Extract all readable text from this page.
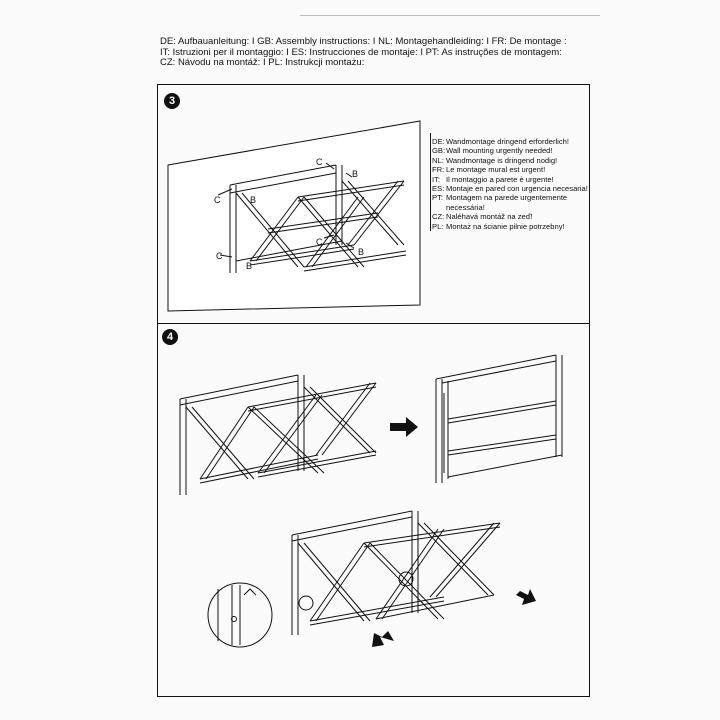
DE: Aufbauanleitung: I GB: Assembly instructions: I NL: Montagehandleiding: I FR: De montage :
IT: Istruzioni per il montaggio: I ES: Instrucciones de montaje: I PT: As instruções de montagem:
CZ: Návodu na montáž: I PL: Instrukcji montażu:
3
C	B
C
B
C
B
C
B
DE: Wandmontage dringend erforderlich!
GB: Wall mounting urgently needed!
NL: Wandmontage is dringend nodig!
FR: Le montage mural est urgent!
IT: Il montaggio a parete è urgente!
ES: Montaje en pared con urgencia necesaria!
PT: Montagem na parede urgentemente necessária!
CZ: Naléhavá montáž na zeď!
PL: Montaż na ścianie pilnie potrzebny!
4
